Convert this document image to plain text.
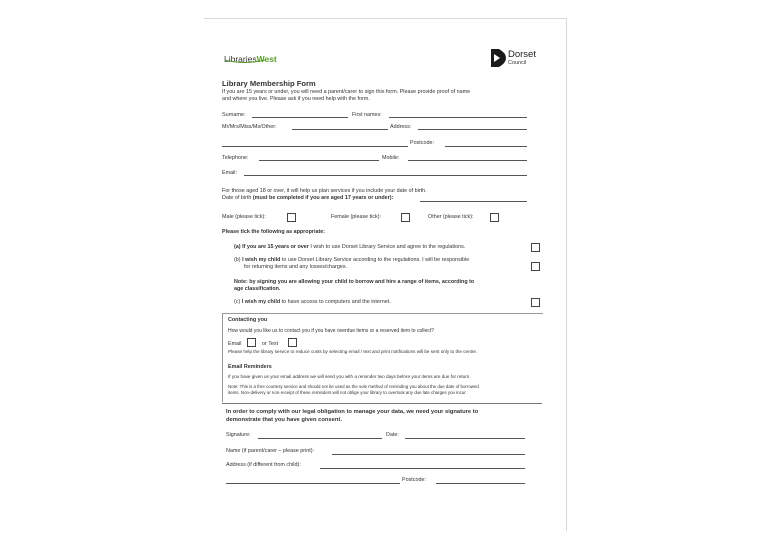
LibrariesWest	Dorset
Council
Library Membership Form
If you are 15 years or under, you will need a parent/carer to sign this form. Please provide proof of name
and where you live. Please ask if you need help with the form.
Surname:	First names:
Mr/Mrs/Miss/Ms/Other:	Address:
Postcode:
Telephone:	Mobile:
Email:
For those aged 18 or over, it will help us plan services if you include your date of birth.
Date of birth (must be completed if you are aged 17 years or under):
Male (please tick):	Female (please tick):	Other (please tick):
Please tick the following as appropriate:
(a) If you are 15 years or over I wish to use Dorset Library Service and agree to the regulations.
(b) I wish my child to use Dorset Library Service according to the regulations. I will be responsible
for returning items and any losses/charges.
Note: by signing you are allowing your child to borrow and hire a range of items, according to
age classification.
(c) I wish my child to have access to computers and the internet.
Contacting you
How would you like us to contact you if you have overdue items or a reserved item to collect?
Email	or Text
Please help the library service to reduce costs by selecting email / text and print notifications will be sent only to the centre.
Email Reminders
If you have given us your email address we will send you with a reminder two days before your items are due for return.
Note: This is a free courtesy service and should not be used as the sole method of reminding you about the due date of borrowed
items. Non-delivery or non-receipt of these reminders will not oblige your library to overlook any due late charges you incur.
In order to comply with our legal obligation to manage your data, we need your signature to
demonstrate that you have given consent.
Signature:	Date:
Name (if parent/carer – please print):
Address (if different from child):
Postcode:
